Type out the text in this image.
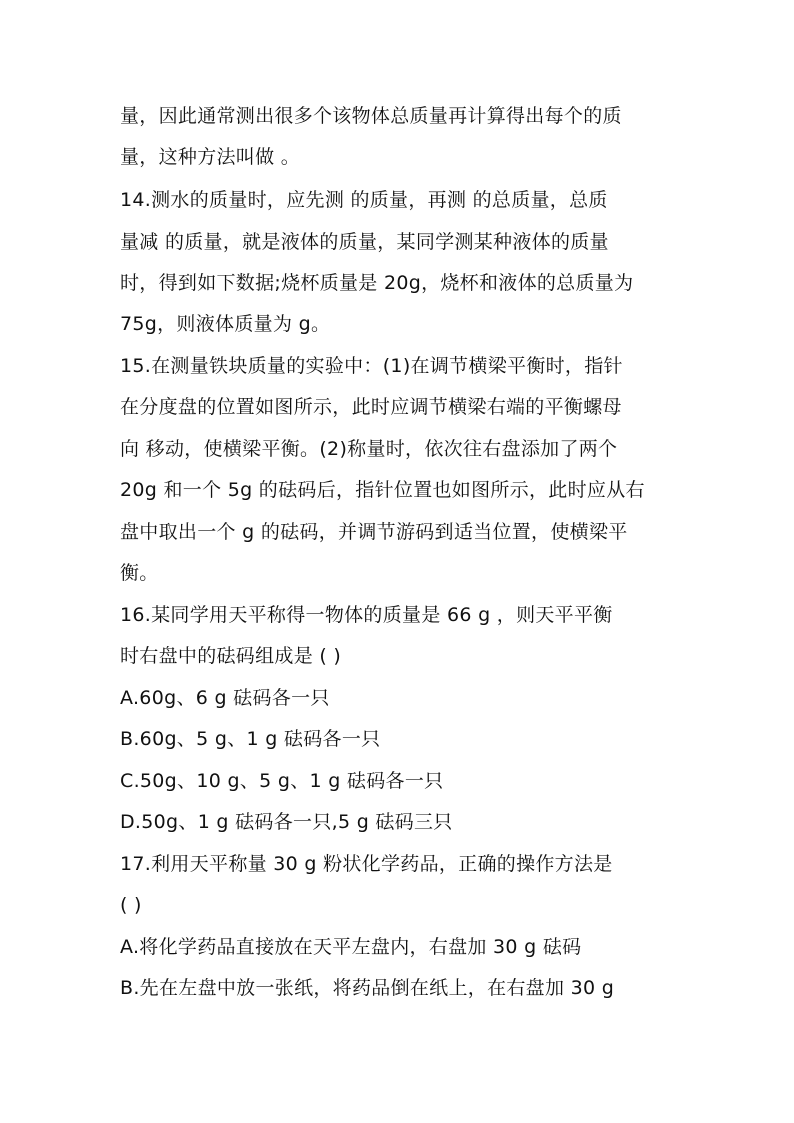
量，因此通常测出很多个该物体总质量再计算得出每个的质
量，这种方法叫做 。
14.测水的质量时，应先测 的质量，再测 的总质量，总质
量减 的质量，就是液体的质量，某同学测某种液体的质量
时，得到如下数据;烧杯质量是 20g，烧杯和液体的总质量为
75g，则液体质量为 g。
15.在测量铁块质量的实验中：(1)在调节横梁平衡时，指针
在分度盘的位置如图所示，此时应调节横梁右端的平衡螺母
向 移动，使横梁平衡。(2)称量时，依次往右盘添加了两个
20g 和一个 5g 的砝码后，指针位置也如图所示，此时应从右
盘中取出一个 g 的砝码，并调节游码到适当位置，使横梁平
衡。
16.某同学用天平称得一物体的质量是 66 g ，则天平平衡
时右盘中的砝码组成是 ( )
A.60g、6 g 砝码各一只
B.60g、5 g、1 g 砝码各一只
C.50g、10 g、5 g、1 g 砝码各一只
D.50g、1 g 砝码各一只,5 g 砝码三只
17.利用天平称量 30 g 粉状化学药品，正确的操作方法是
( )
A.将化学药品直接放在天平左盘内，右盘加 30 g 砝码
B.先在左盘中放一张纸，将药品倒在纸上，在右盘加 30 g
